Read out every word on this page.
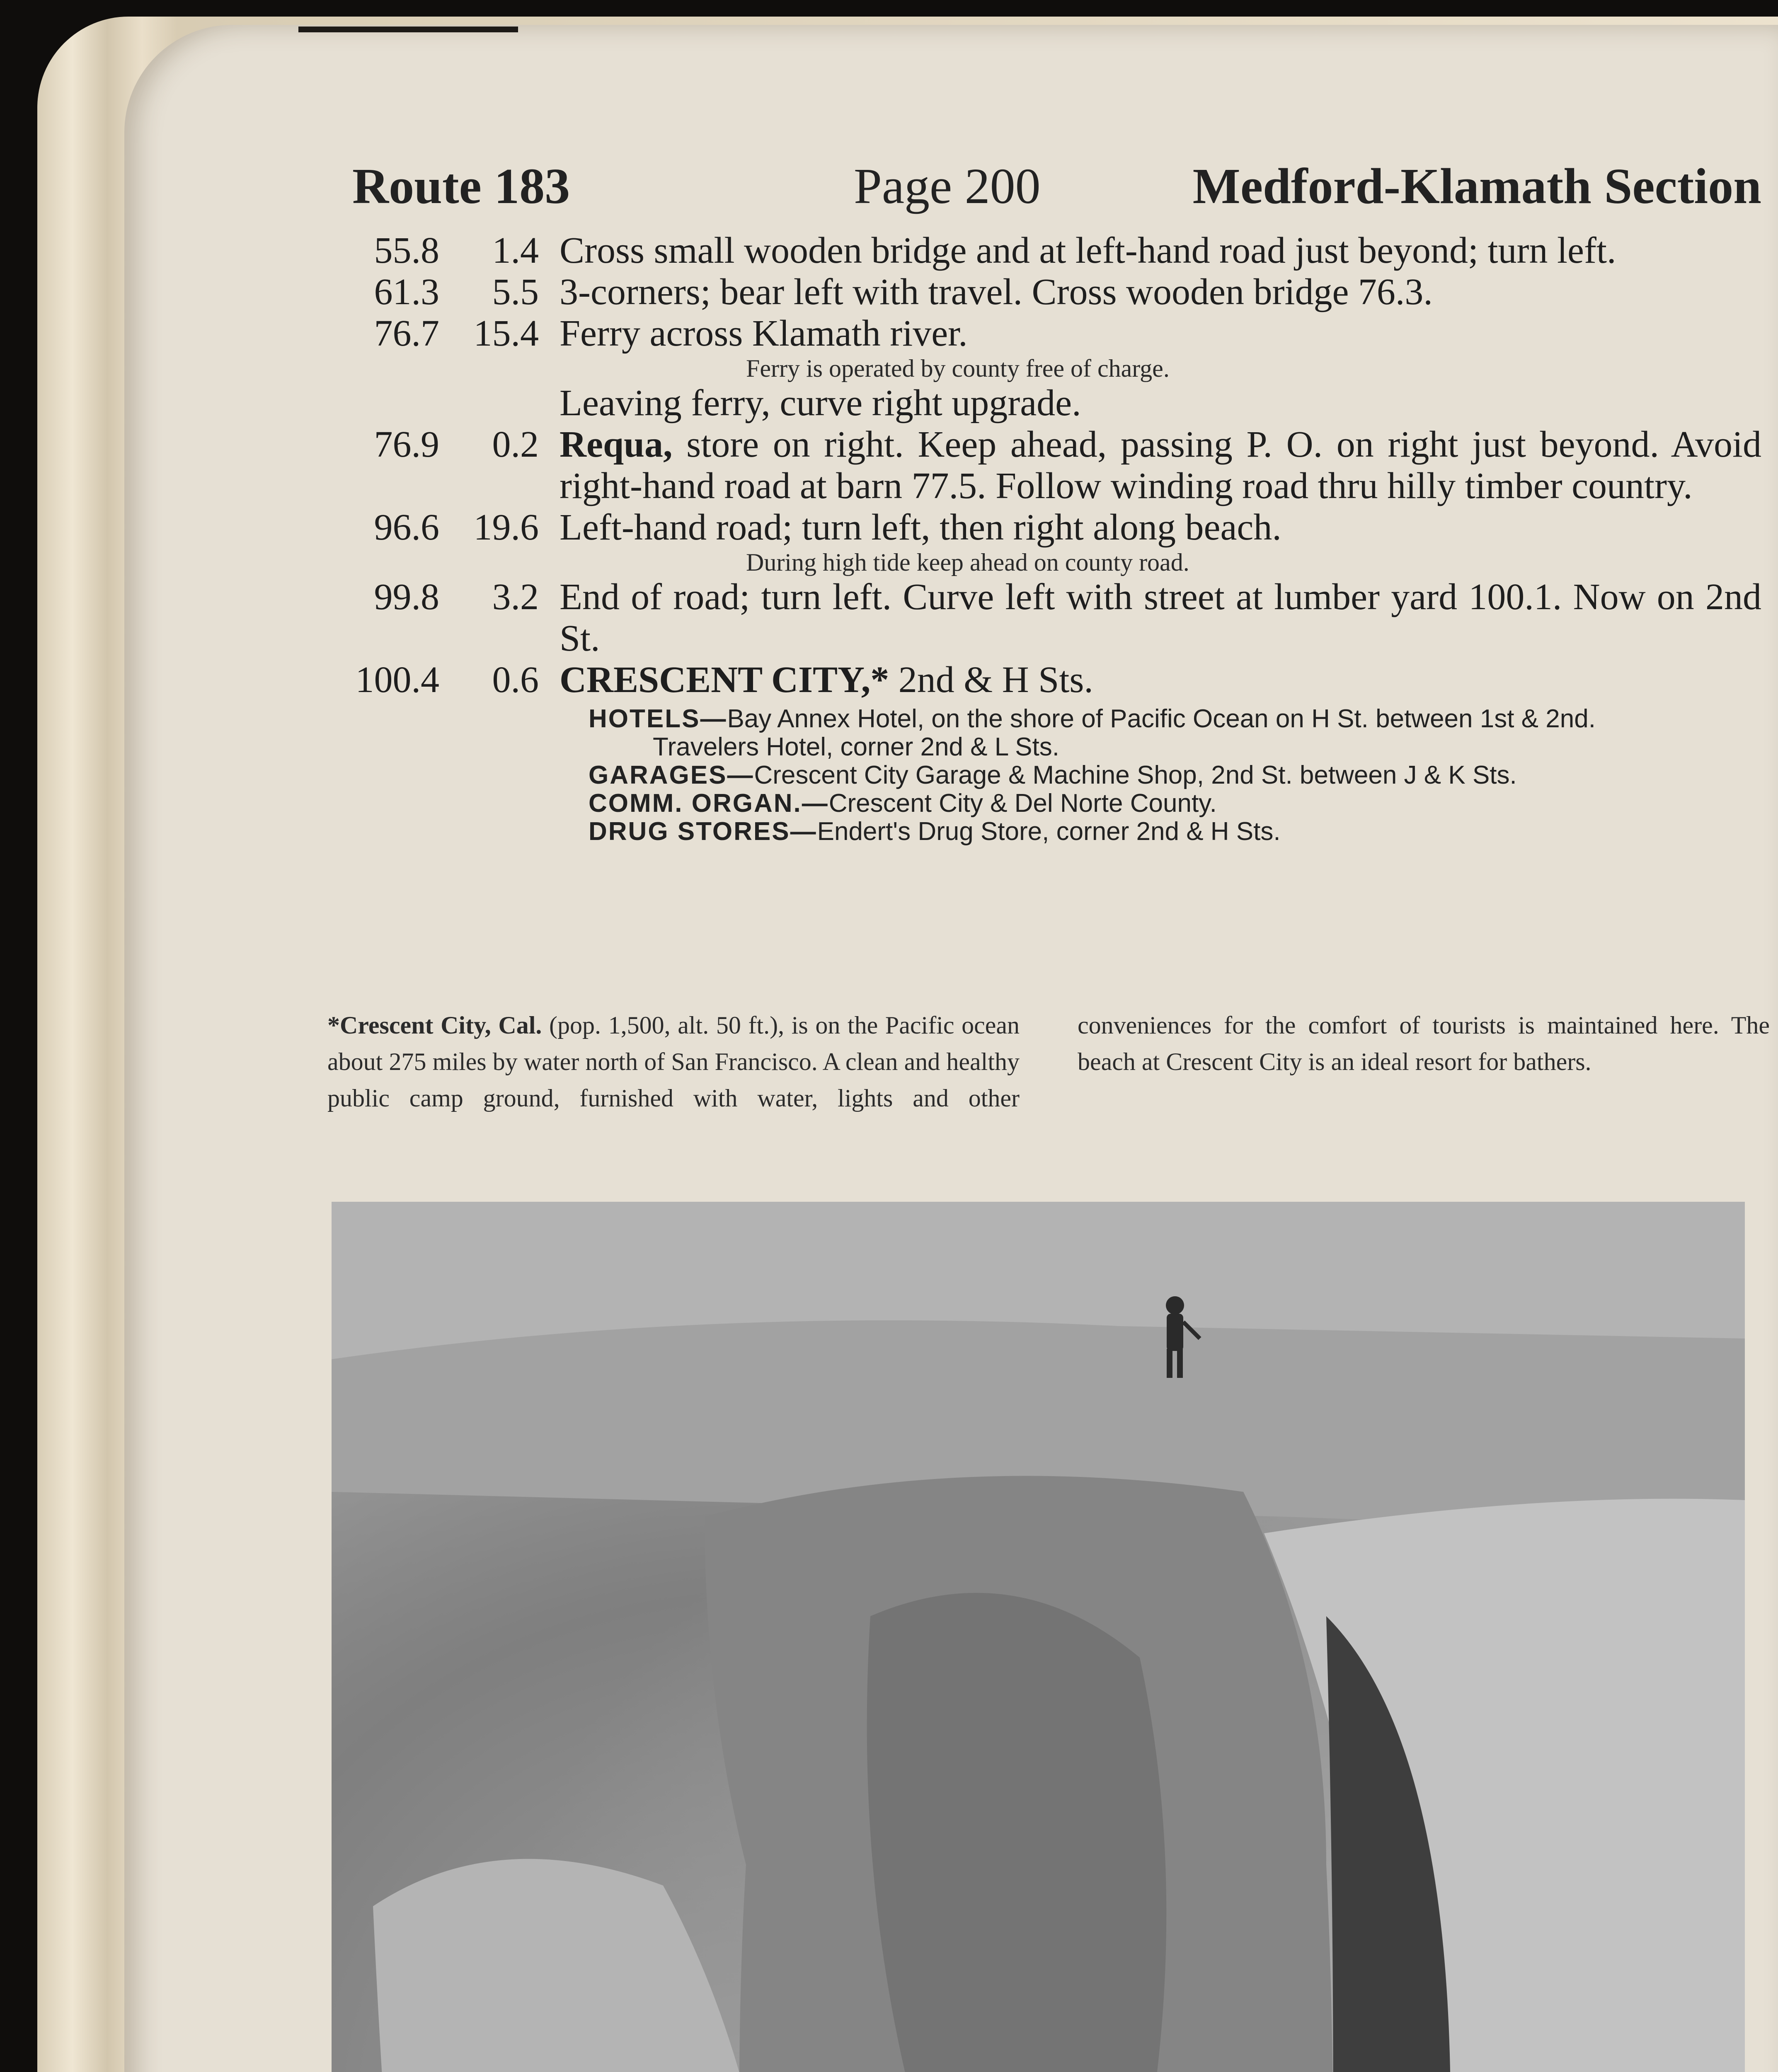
Route 183	Page 200	Medford-Klamath Section
55.8	1.4 Cross small wooden bridge and at left-hand road just beyond; turn left.
61.3	5.5 3-corners; bear left with travel. Cross wooden bridge 76.3.
76.7 15.4 Ferry across Klamath river.
Ferry is operated by county free of charge.
Leaving ferry, curve right upgrade.
76.9	0.2 Requa, store on right. Keep ahead, passing P. O. on right just beyond. Avoid right-hand road at barn 77.5. Follow winding road thru hilly timber country.
96.6 19.6 Left-hand road; turn left, then right along beach.
During high tide keep ahead on county road.
99.8	3.2 End of road; turn left. Curve left with street at lumber yard 100.1. Now on 2nd St.
100.4	0.6 CRESCENT CITY,* 2nd & H Sts.
HOTELS—Bay Annex Hotel, on the shore of Pacific Ocean on H St. between 1st & 2nd.
Travelers Hotel, corner 2nd & L Sts.
GARAGES—Crescent City Garage & Machine Shop, 2nd St. between J & K Sts.
COMM. ORGAN.—Crescent City & Del Norte County.
DRUG STORES—Endert's Drug Store, corner 2nd & H Sts.
*Crescent City, Cal. (pop. 1,500, alt. 50 ft.), is on the Pacific ocean about 275 miles by water north of San Francisco. A clean and healthy public camp ground, furnished with water, lights and other conveniences for the comfort of tourists is maintained here. The beach at Crescent City is an ideal resort for bathers.
